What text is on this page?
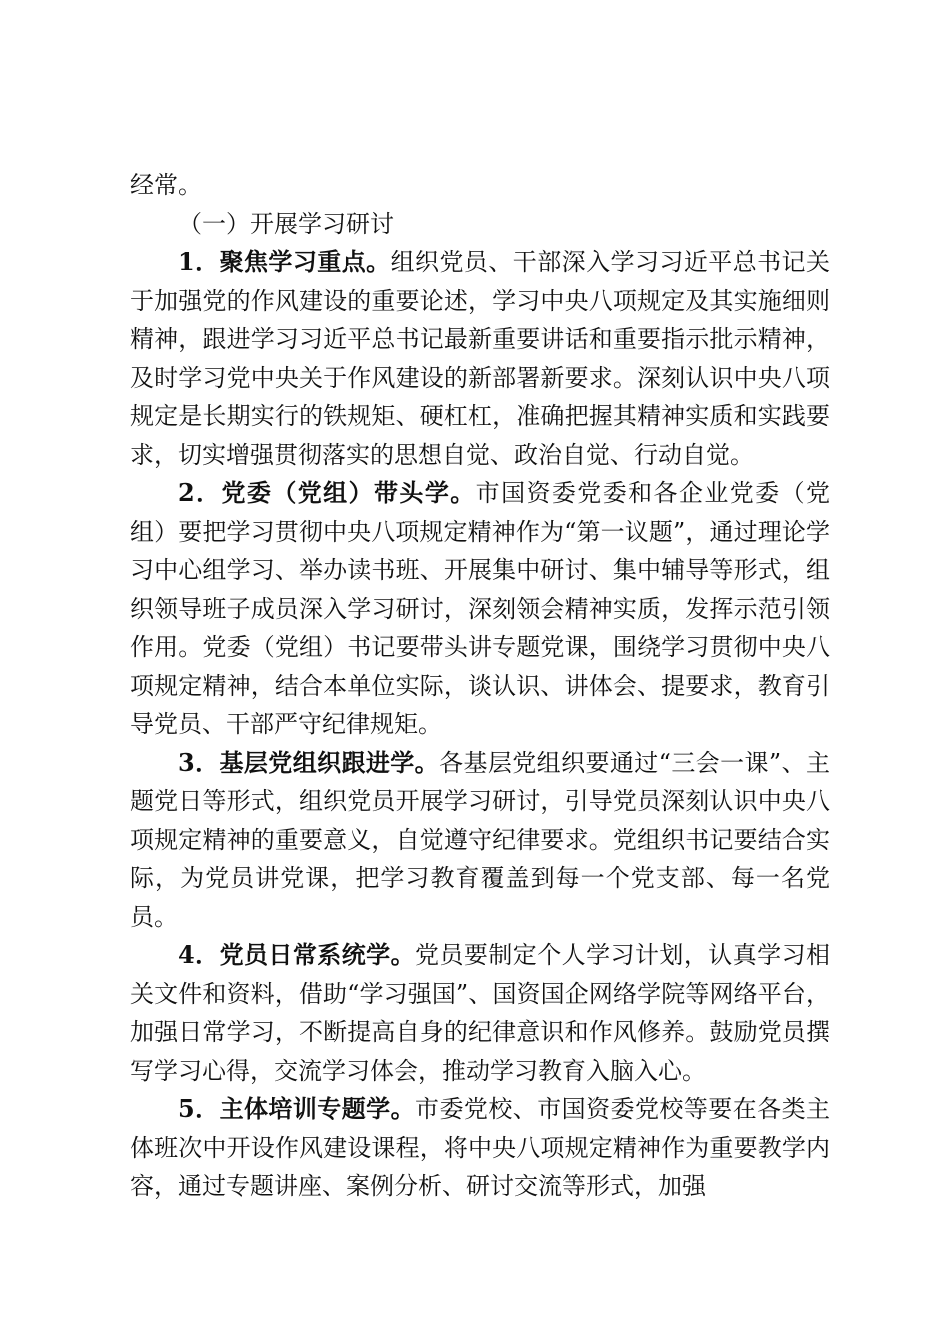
经常。

（一）开展学习研讨

1．聚焦学习重点。组织党员、干部深入学习习近平总书记关于加强党的作风建设的重要论述，学习中央八项规定及其实施细则精神，跟进学习习近平总书记最新重要讲话和重要指示批示精神，及时学习党中央关于作风建设的新部署新要求。深刻认识中央八项规定是长期实行的铁规矩、硬杠杠，准确把握其精神实质和实践要求，切实增强贯彻落实的思想自觉、政治自觉、行动自觉。

2．党委（党组）带头学。市国资委党委和各企业党委（党组）要把学习贯彻中央八项规定精神作为“第一议题”，通过理论学习中心组学习、举办读书班、开展集中研讨、集中辅导等形式，组织领导班子成员深入学习研讨，深刻领会精神实质，发挥示范引领作用。党委（党组）书记要带头讲专题党课，围绕学习贯彻中央八项规定精神，结合本单位实际，谈认识、讲体会、提要求，教育引导党员、干部严守纪律规矩。

3．基层党组织跟进学。各基层党组织要通过“三会一课”、主题党日等形式，组织党员开展学习研讨，引导党员深刻认识中央八项规定精神的重要意义，自觉遵守纪律要求。党组织书记要结合实际，为党员讲党课，把学习教育覆盖到每一个党支部、每一名党员。

4．党员日常系统学。党员要制定个人学习计划，认真学习相关文件和资料，借助“学习强国”、国资国企网络学院等网络平台，加强日常学习，不断提高自身的纪律意识和作风修养。鼓励党员撰写学习心得，交流学习体会，推动学习教育入脑入心。

5．主体培训专题学。市委党校、市国资委党校等要在各类主体班次中开设作风建设课程，将中央八项规定精神作为重要教学内容，通过专题讲座、案例分析、研讨交流等形式，加强
